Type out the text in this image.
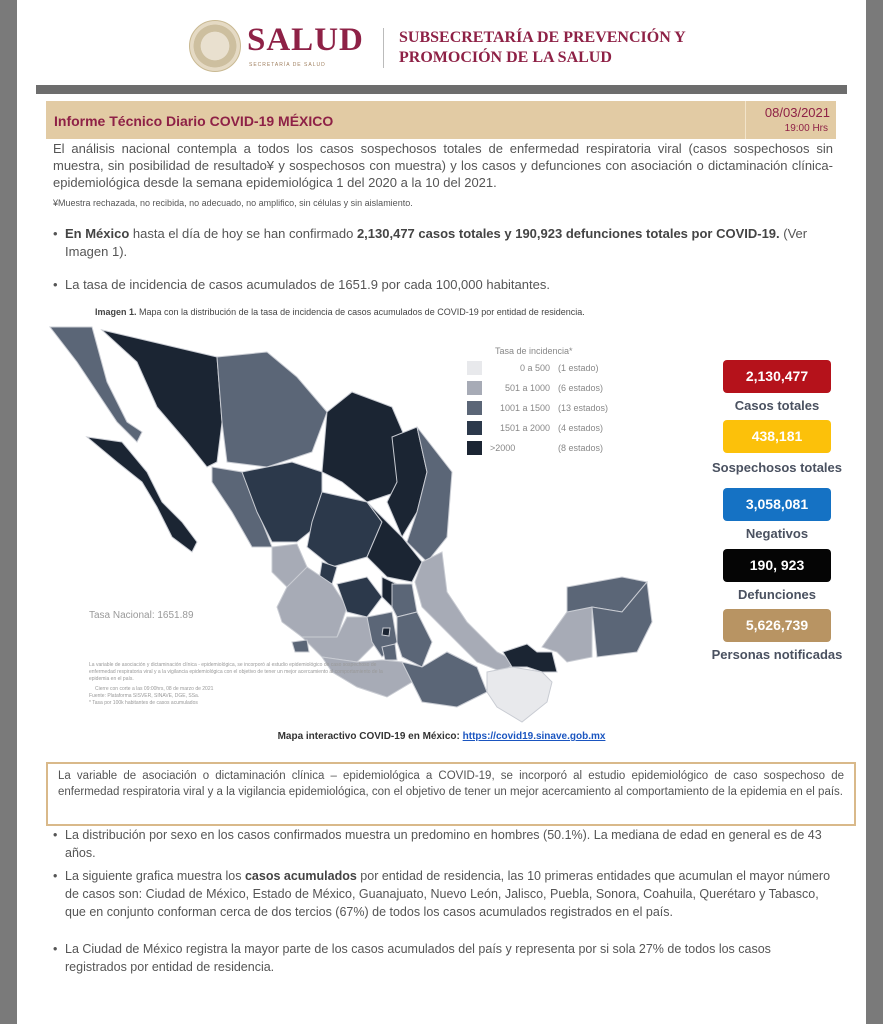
SALUD
SECRETARÍA DE SALUD
SUBSECRETARÍA DE PREVENCIÓN Y
PROMOCIÓN DE LA SALUD
Informe Técnico Diario COVID-19 MÉXICO
08/03/2021
19:00 Hrs
El análisis nacional contempla a todos los casos sospechosos totales de enfermedad respiratoria viral (casos sospechosos sin muestra, sin posibilidad de resultado¥ y sospechosos con muestra) y los casos y defunciones con asociación o dictaminación clínica-epidemiológica desde la semana epidemiológica 1 del 2020 a la 10 del 2021.
¥Muestra rechazada, no recibida, no adecuado, no amplifico, sin células y sin aislamiento.
• En México hasta el día de hoy se han confirmado 2,130,477 casos totales y 190,923 defunciones totales por COVID-19. (Ver Imagen 1).
• La tasa de incidencia de casos acumulados de 1651.9 por cada 100,000 habitantes.
Imagen 1. Mapa con la distribución de la tasa de incidencia de casos acumulados de COVID-19 por entidad de residencia.
Tasa de incidencia*
0 a 500 (1 estado)
501 a 1000 (6 estados)
1001 a 1500 (13 estados)
1501 a 2000 (4 estados)
>2000	(8 estados)
Tasa Nacional: 1651.89
La variable de asociación y dictaminación clínica - epidemiológica, se incorporó al estudio epidemiológico de caso sospechoso de enfermedad respiratoria viral y a la vigilancia epidemiológica con el objetivo de tener un mejor acercamiento al comportamiento de la epidemia en el país.
Cierre con corte a las 09:00hrs, 08 de marzo de 2021
Fuente: Plataforma SISVER, SINAVE, DGE, SSa.
* Tasa por 100k habitantes de casos acumulados
2,130,477
Casos totales
438,181
Sospechosos totales
3,058,081
Negativos
190, 923
Defunciones
5,626,739
Personas notificadas
Mapa interactivo COVID-19 en México: https://covid19.sinave.gob.mx
La variable de asociación o dictaminación clínica – epidemiológica a COVID-19, se incorporó al estudio epidemiológico de caso sospechoso de enfermedad respiratoria viral y a la vigilancia epidemiológica, con el objetivo de tener un mejor acercamiento al comportamiento de la epidemia en el país.
• La distribución por sexo en los casos confirmados muestra un predomino en hombres (50.1%). La mediana de edad en general es de 43 años.
• La siguiente grafica muestra los casos acumulados por entidad de residencia, las 10 primeras entidades que acumulan el mayor número de casos son: Ciudad de México, Estado de México, Guanajuato, Nuevo León, Jalisco, Puebla, Sonora, Coahuila, Querétaro y Tabasco, que en conjunto conforman cerca de dos tercios (67%) de todos los casos acumulados registrados en el país.
• La Ciudad de México registra la mayor parte de los casos acumulados del país y representa por si sola 27% de todos los casos registrados por entidad de residencia.
